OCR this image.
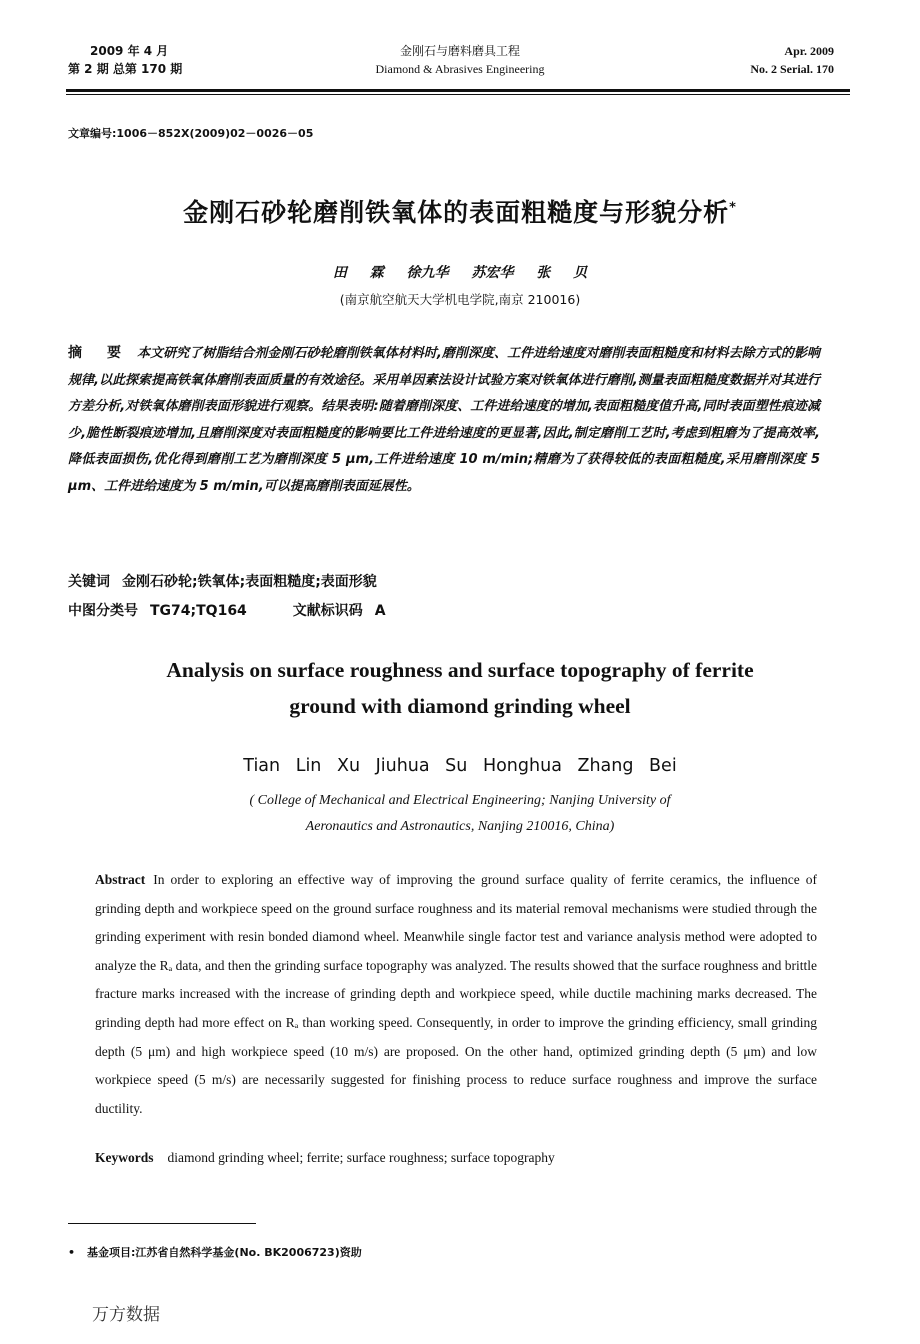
2009 年 4 月
第 2 期 总第 170 期
金刚石与磨料磨具工程
Diamond & Abrasives Engineering
Apr. 2009
No. 2 Serial. 170
文章编号:1006－852X(2009)02－0026－05
金刚石砂轮磨削铁氧体的表面粗糙度与形貌分析*
田 霖 徐九华 苏宏华 张 贝
(南京航空航天大学机电学院,南京 210016)
摘 要 本文研究了树脂结合剂金刚石砂轮磨削铁氧体材料时,磨削深度、工件进给速度对磨削表面粗糙度和材料去除方式的影响规律,以此探索提高铁氧体磨削表面质量的有效途径。采用单因素法设计试验方案对铁氧体进行磨削,测量表面粗糙度数据并对其进行方差分析,对铁氧体磨削表面形貌进行观察。结果表明:随着磨削深度、工件进给速度的增加,表面粗糙度值升高,同时表面塑性痕迹减少,脆性断裂痕迹增加,且磨削深度对表面粗糙度的影响要比工件进给速度的更显著,因此,制定磨削工艺时,考虑到粗磨为了提高效率,降低表面损伤,优化得到磨削工艺为磨削深度 5 μm,工件进给速度 10 m/min;精磨为了获得较低的表面粗糙度,采用磨削深度 5 μm、工件进给速度为 5 m/min,可以提高磨削表面延展性。
关键词 金刚石砂轮;铁氧体;表面粗糙度;表面形貌
中图分类号 TG74;TQ164	文献标识码 A
Analysis on surface roughness and surface topography of ferrite
ground with diamond grinding wheel
Tian Lin Xu Jiuhua Su Honghua Zhang Bei
( College of Mechanical and Electrical Engineering; Nanjing University of
Aeronautics and Astronautics, Nanjing 210016, China)
Abstract In order to exploring an effective way of improving the ground surface quality of ferrite ceramics, the influence of grinding depth and workpiece speed on the ground surface roughness and its material removal mechanisms were studied through the grinding experiment with resin bonded diamond wheel. Meanwhile single factor test and variance analysis method were adopted to analyze the Rₐ data, and then the grinding surface topography was analyzed. The results showed that the surface roughness and brittle fracture marks increased with the increase of grinding depth and workpiece speed, while ductile machining marks decreased. The grinding depth had more effect on Rₐ than working speed. Consequently, in order to improve the grinding efficiency, small grinding depth (5 μm) and high workpiece speed (10 m/s) are proposed. On the other hand, optimized grinding depth (5 μm) and low workpiece speed (5 m/s) are necessarily suggested for finishing process to reduce surface roughness and improve the surface ductility.
Keywords diamond grinding wheel; ferrite; surface roughness; surface topography
• 基金项目:江苏省自然科学基金(No. BK2006723)资助
万方数据
